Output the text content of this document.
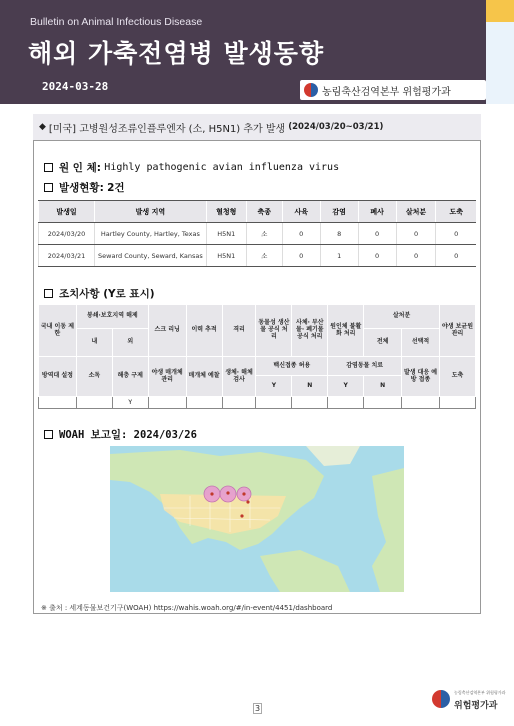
Bulletin on Animal Infectious Disease
해외 가축전염병 발생동향
2024-03-28	농림축산검역본부 위험평가과
◆ [미국] 고병원성조류인플루엔자 (소, H5N1) 추가 발생 (2024/03/20~03/21)
원 인 체:
Highly pathogenic avian influenza virus
발생현황:
2건
발생일	발생 지역	혈청형	축종	사육	감염	폐사	살처분	도축
2024/03/20	Hartley County, Hartley, Texas	H5N1	소	0	8	0	0	0
2024/03/21	Seward County, Seward, Kansas	H5N1	소	0	1	0	0	0
조치사항 (Y로 표시)
국내 이동 제한	봉쇄·보호지역 해제		스크 리닝	이력 추적	격리	동물성 생산물 공식 처리	사체· 부산물· 폐기물 공식 처리	원인체 불활화 처리	살처분		야생 보균원 관리
	내	외							전체	선택적	
방역대 설정	소독	해충 구제	야생 매개체 관리	매개체 예찰	생체· 해체 검사	백신접종 허용		감염동물 치료		발생 대응 예방 접종	도축
						Y	N	Y	N		
		Y									
WOAH 보고일: 2024/03/26
※ 출처 : 세계동물보건기구(WOAH) https://wahis.woah.org/#/in-event/4451/dashboard
3
농림축산검역본부 위험평가과
위험평가과
